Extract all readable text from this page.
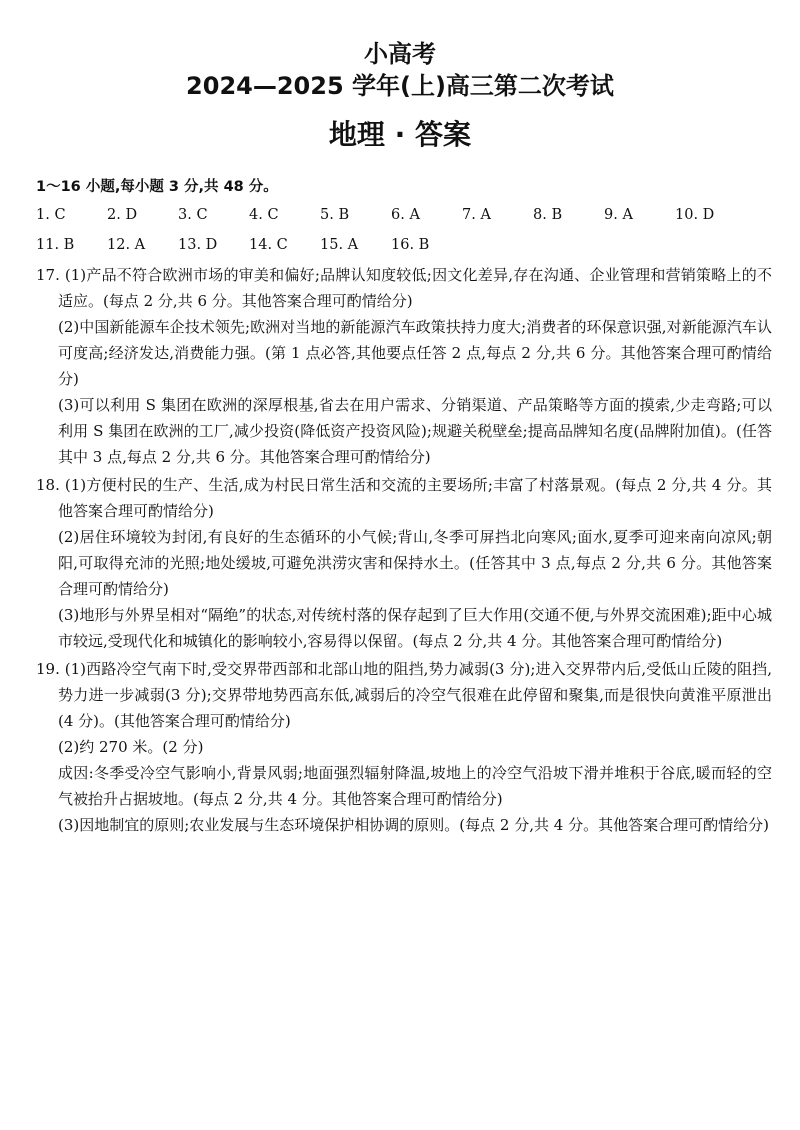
小高考
2024—2025 学年(上)高三第二次考试
地理 · 答案
1～16 小题,每小题 3 分,共 48 分。
1. C	2. D	3. C	4. C	5. B	6. A	7. A	8. B	9. A	10. D
11. B	12. A	13. D	14. C	15. A	16. B

17. (1)产品不符合欧洲市场的审美和偏好;品牌认知度较低;因文化差异,存在沟通、企业管理和营销策略上的不适应。(每点 2 分,共 6 分。其他答案合理可酌情给分)

(2)中国新能源车企技术领先;欧洲对当地的新能源汽车政策扶持力度大;消费者的环保意识强,对新能源汽车认可度高;经济发达,消费能力强。(第 1 点必答,其他要点任答 2 点,每点 2 分,共 6 分。其他答案合理可酌情给分)

(3)可以利用 S 集团在欧洲的深厚根基,省去在用户需求、分销渠道、产品策略等方面的摸索,少走弯路;可以利用 S 集团在欧洲的工厂,减少投资(降低资产投资风险);规避关税壁垒;提高品牌知名度(品牌附加值)。(任答其中 3 点,每点 2 分,共 6 分。其他答案合理可酌情给分)

18. (1)方便村民的生产、生活,成为村民日常生活和交流的主要场所;丰富了村落景观。(每点 2 分,共 4 分。其他答案合理可酌情给分)

(2)居住环境较为封闭,有良好的生态循环的小气候;背山,冬季可屏挡北向寒风;面水,夏季可迎来南向凉风;朝阳,可取得充沛的光照;地处缓坡,可避免洪涝灾害和保持水土。(任答其中 3 点,每点 2 分,共 6 分。其他答案合理可酌情给分)

(3)地形与外界呈相对“隔绝”的状态,对传统村落的保存起到了巨大作用(交通不便,与外界交流困难);距中心城市较远,受现代化和城镇化的影响较小,容易得以保留。(每点 2 分,共 4 分。其他答案合理可酌情给分)

19. (1)西路冷空气南下时,受交界带西部和北部山地的阻挡,势力减弱(3 分);进入交界带内后,受低山丘陵的阻挡,势力进一步减弱(3 分);交界带地势西高东低,减弱后的冷空气很难在此停留和聚集,而是很快向黄淮平原泄出(4 分)。(其他答案合理可酌情给分)

(2)约 270 米。(2 分)

成因:冬季受冷空气影响小,背景风弱;地面强烈辐射降温,坡地上的冷空气沿坡下滑并堆积于谷底,暖而轻的空气被抬升占据坡地。(每点 2 分,共 4 分。其他答案合理可酌情给分)

(3)因地制宜的原则;农业发展与生态环境保护相协调的原则。(每点 2 分,共 4 分。其他答案合理可酌情给分)
